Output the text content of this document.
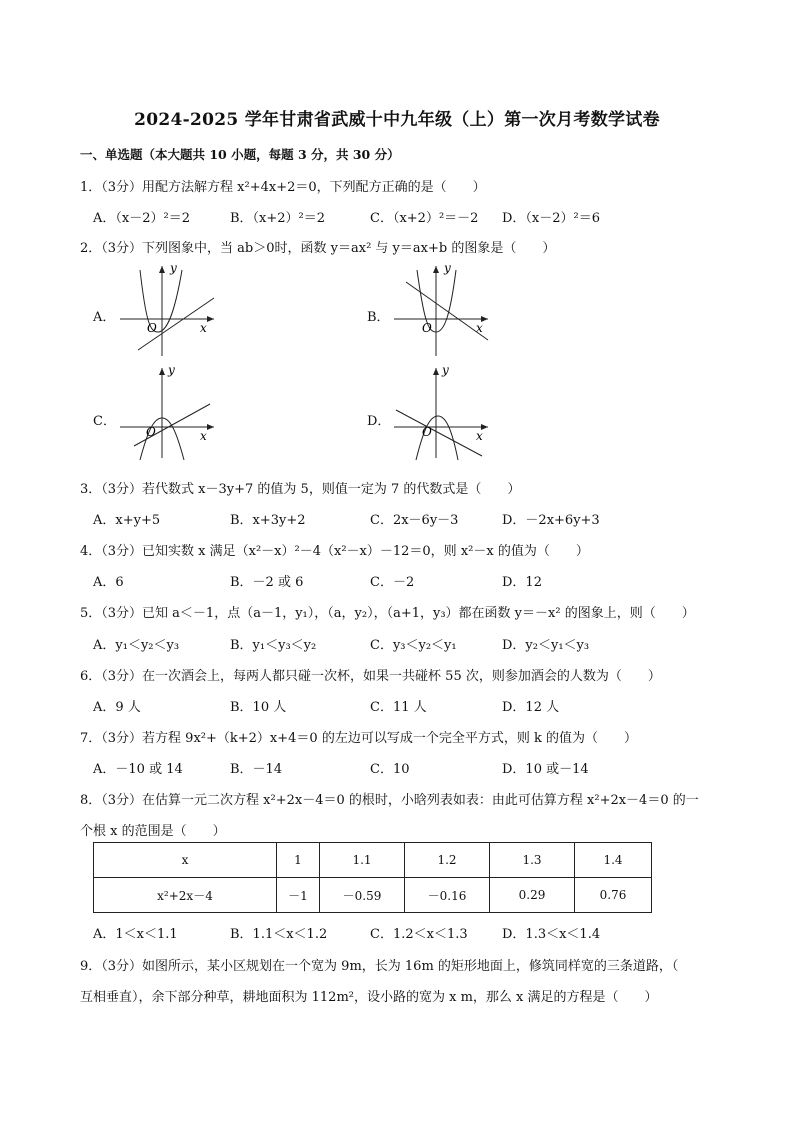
2024-2025 学年甘肃省武威十中九年级（上）第一次月考数学试卷
一、单选题（本大题共 10 小题，每题 3 分，共 30 分）
1．（3分）用配方法解方程 x²+4x+2＝0，下列配方正确的是（　　）
A．（x－2）²＝2	B．（x+2）²＝2	C．（x+2）²＝－2 D．（x－2）²＝6
2．（3分）下列图象中，当 ab＞0时，函数 y＝ax² 与 y＝ax+b 的图象是（　　）
A．
y
x
O
B．
y
x
O
C．
y
x
O
D．
y
x
O
3．（3分）若代数式 x－3y+7 的值为 5，则值一定为 7 的代数式是（　　）
A．x+y+5	B．x+3y+2	C．2x－6y－3	D．－2x+6y+3
4．（3分）已知实数 x 满足（x²－x）²－4（x²－x）－12＝0，则 x²－x 的值为（　　）
A．6	B．－2 或 6	C．－2	D．12
5．（3分）已知 a＜－1，点（a－1，y₁），（a，y₂），（a+1，y₃）都在函数 y＝－x² 的图象上，则（　　）
A．y₁＜y₂＜y₃	B．y₁＜y₃＜y₂	C．y₃＜y₂＜y₁	D．y₂＜y₁＜y₃
6．（3分）在一次酒会上，每两人都只碰一次杯，如果一共碰杯 55 次，则参加酒会的人数为（　　）
A．9 人	B．10 人	C．11 人	D．12 人
7．（3分）若方程 9x²+（k+2）x+4＝0 的左边可以写成一个完全平方式，则 k 的值为（　　）
A．－10 或 14	B．－14	C．10	D．10 或－14
8．（3分）在估算一元二次方程 x²+2x－4＝0 的根时，小晗列表如表：由此可估算方程 x²+2x－4＝0 的一
个根 x 的范围是（　　）
x	1	1.1	1.2	1.3	1.4
x²+2x－4	－1	－0.59	－0.16	0.29	0.76
A．1＜x＜1.1	B．1.1＜x＜1.2	C．1.2＜x＜1.3	D．1.3＜x＜1.4
9．（3分）如图所示，某小区规划在一个宽为 9m，长为 16m 的矩形地面上，修筑同样宽的三条道路，（
互相垂直），余下部分种草，耕地面积为 112m²，设小路的宽为 x m，那么 x 满足的方程是（　　）
